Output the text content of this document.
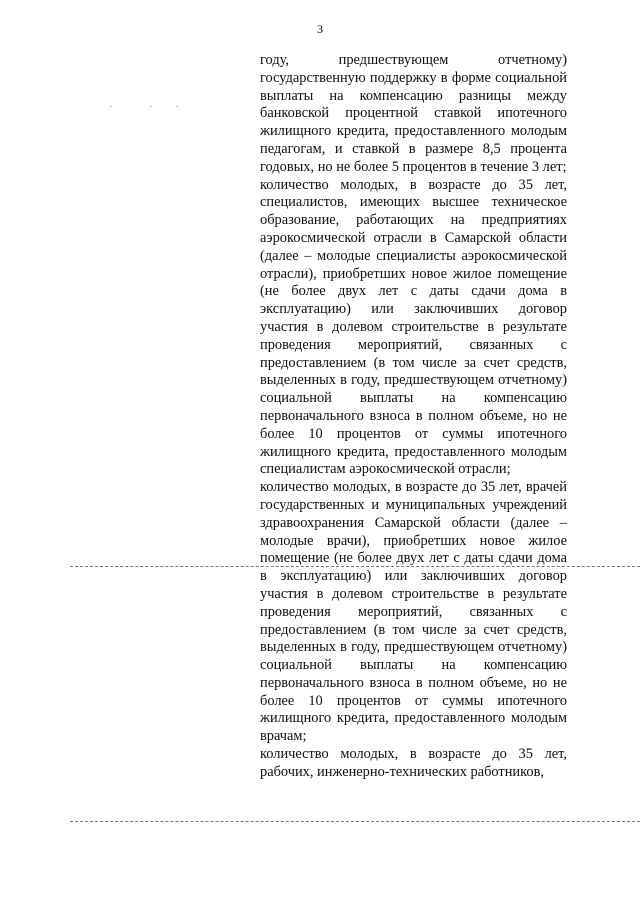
3

году, предшествующем отчетному) государственную поддержку в форме социальной выплаты на компенсацию разницы между банковской процентной ставкой ипотечного жилищного кредита, предоставленного молодым педагогам, и ставкой в размере 8,5 процента годовых, но не более 5 процентов в течение 3 лет;

количество молодых, в возрасте до 35 лет, специалистов, имеющих высшее техническое образование, работающих на предприятиях аэрокосмической отрасли в Самарской области (далее – молодые специалисты аэрокосмической отрасли), приобретших новое жилое помещение (не более двух лет с даты сдачи дома в эксплуатацию) или заключивших договор участия в долевом строительстве в результате проведения мероприятий, связанных с предоставлением (в том числе за счет средств, выделенных в году, предшествующем отчетному) социальной выплаты на компенсацию первоначального взноса в полном объеме, но не более 10 процентов от суммы ипотечного жилищного кредита, предоставленного молодым специалистам аэрокосмической отрасли;

количество молодых, в возрасте до 35 лет, врачей государственных и муниципальных учреждений здравоохранения Самарской области (далее – молодые врачи), приобретших новое жилое помещение (не более двух лет с даты сдачи дома в эксплуатацию) или заключивших договор участия в долевом строительстве в результате проведения мероприятий, связанных с предоставлением (в том числе за счет средств, выделенных в году, предшествующем отчетному) социальной выплаты на компенсацию первоначального взноса в полном объеме, но не более 10 процентов от суммы ипотечного жилищного кредита, предоставленного молодым врачам;

количество молодых, в возрасте до 35 лет, рабочих, инженерно-технических работников,
